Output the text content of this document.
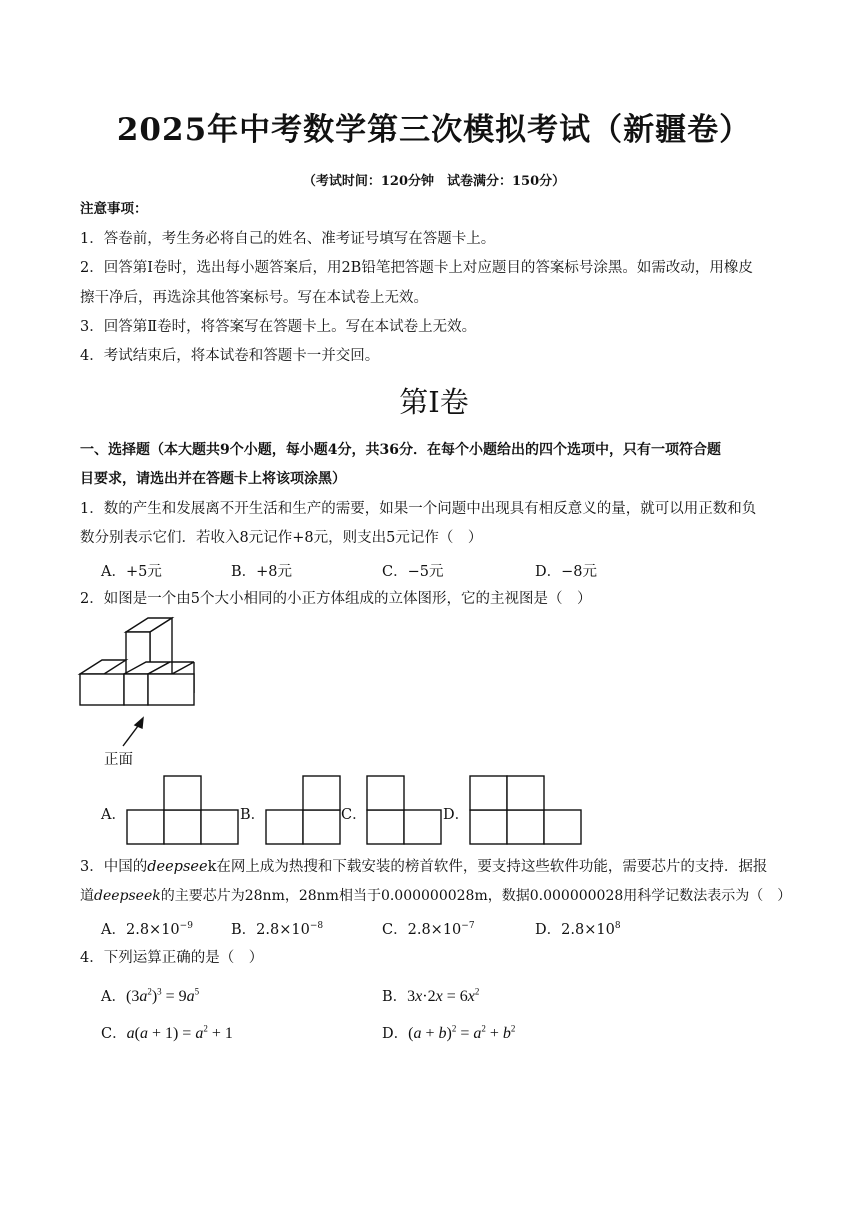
2025年中考数学第三次模拟考试（新疆卷）
（考试时间：120分钟　试卷满分：150分）
注意事项：
1．答卷前，考生务必将自己的姓名、准考证号填写在答题卡上。
2．回答第Ⅰ卷时，选出每小题答案后，用2B铅笔把答题卡上对应题目的答案标号涂黑。如需改动，用橡皮
擦干净后，再选涂其他答案标号。写在本试卷上无效。
3．回答第Ⅱ卷时，将答案写在答题卡上。写在本试卷上无效。
4．考试结束后，将本试卷和答题卡一并交回。
第Ⅰ卷
一、选择题（本大题共9个小题，每小题4分，共36分．在每个小题给出的四个选项中，只有一项符合题
目要求，请选出并在答题卡上将该项涂黑）
1．数的产生和发展离不开生活和生产的需要，如果一个问题中出现具有相反意义的量，就可以用正数和负
数分别表示它们．若收入8元记作+8元，则支出5元记作（　）
A．+5元	B．+8元	C．−5元	D．−8元
2．如图是一个由5个大小相同的小正方体组成的立体图形，它的主视图是（　）
正面
A．	B．	C．	D．
3．中国的deepseek在网上成为热搜和下载安装的榜首软件，要支持这些软件功能，需要芯片的支持．据报
道deepseek的主要芯片为28nm，28nm相当于0.000000028m，数据0.000000028用科学记数法表示为（　）
A．$2.8\times 10^{-9}$	B．$2.8\times 10^{-8}$	C．$2.8\times 10^{-7}$	D．$2.8\times 10^8$
4．下列运算正确的是（　）
A．$(3a^2)^3 = 9a^5$	B．$3x\cdot 2x = 6x^2$
C．$a(a + 1) = a^2 + 1$	D．$(a + b)^2 = a^2 + b^2$
